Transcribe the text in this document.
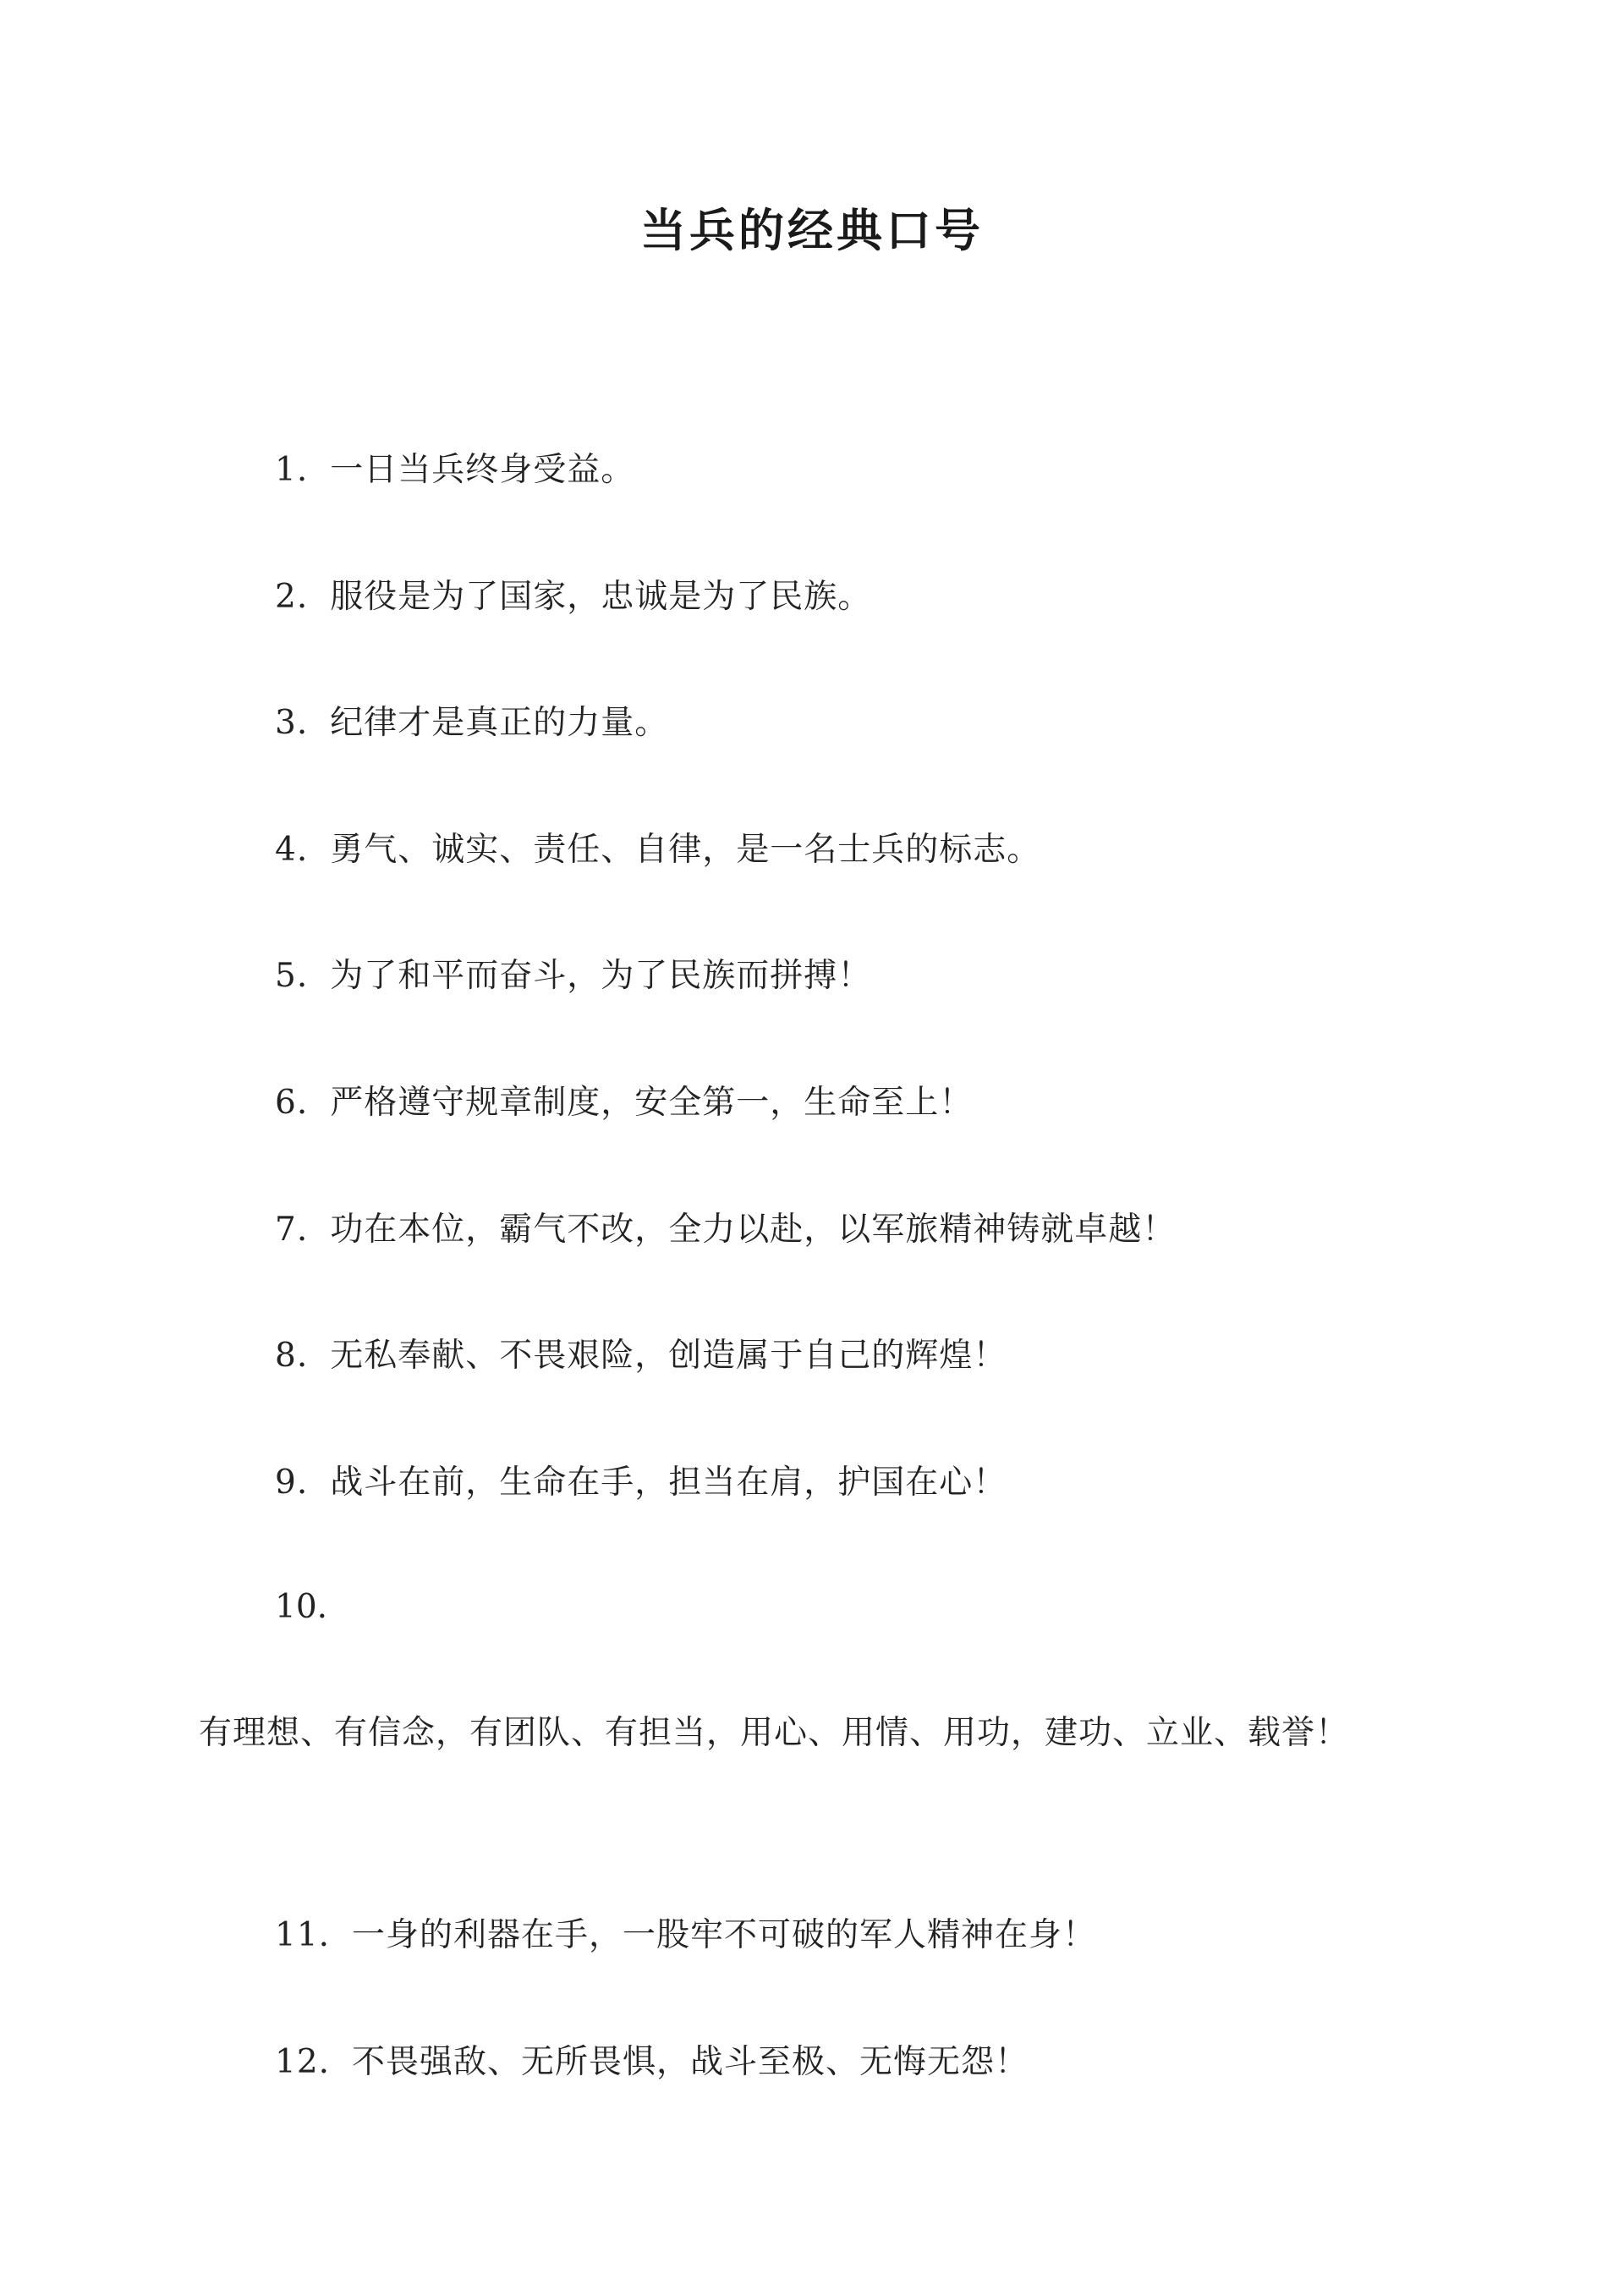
当兵的经典口号
1. 一日当兵终身受益。
2. 服役是为了国家，忠诚是为了民族。
3. 纪律才是真正的力量。
4. 勇气、诚实、责任、自律，是一名士兵的标志。
5. 为了和平而奋斗，为了民族而拼搏！
6. 严格遵守规章制度，安全第一，生命至上！
7. 功在本位，霸气不改，全力以赴，以军旅精神铸就卓越！
8. 无私奉献、不畏艰险，创造属于自己的辉煌！
9. 战斗在前，生命在手，担当在肩，护国在心！
10.
有理想、有信念，有团队、有担当，用心、用情、用功，建功、立业、载誉！
11. 一身的利器在手，一股牢不可破的军人精神在身！
12. 不畏强敌、无所畏惧，战斗至极、无悔无怨！
